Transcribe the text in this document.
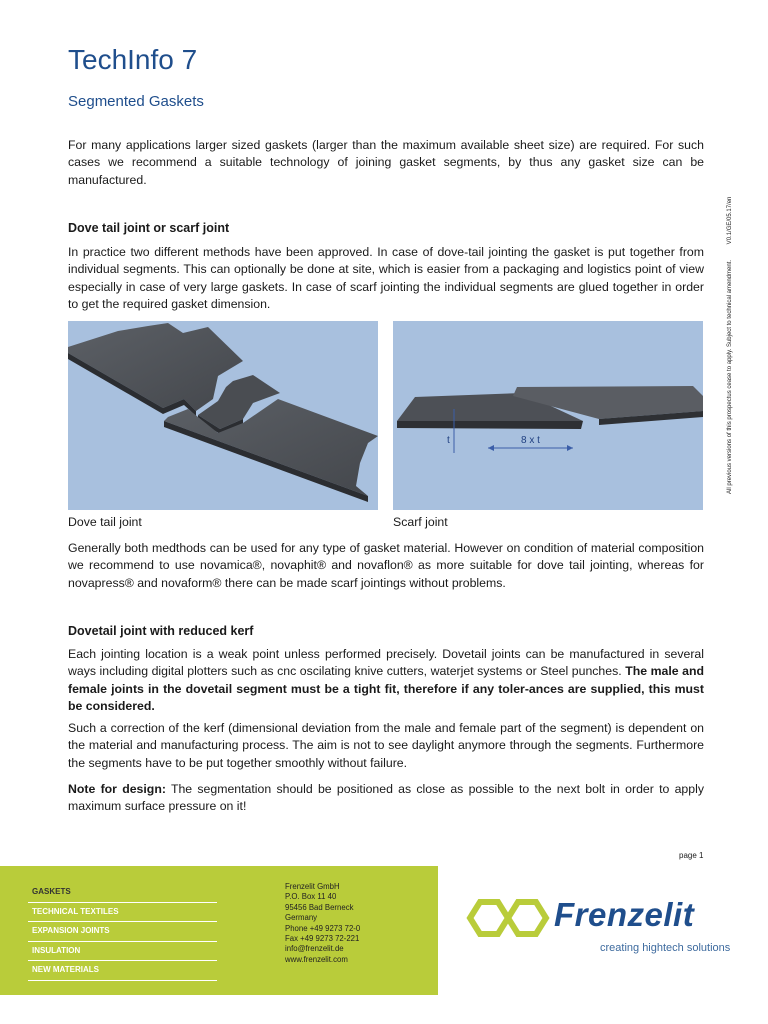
TechInfo 7
Segmented Gaskets
All previous versions of this prospectus cease to apply. Subject to technical amendment. V0.1/GE/05.17/en

For many applications larger sized gaskets (larger than the maximum available sheet size) are required. For such cases we recommend a suitable technology of joining gasket segments, by thus any gasket size can be manufactured.

Dove tail joint or scarf joint

In practice two different methods have been approved. In case of dove-tail jointing the gasket is put together from individual segments. This can optionally be done at site, which is easier from a packaging and logistics point of view especially in case of very large gaskets. In case of scarf jointing the individual segments are glued together in order to get the required gasket dimension.

t	8 x t
Dove tail joint	Scarf joint

Generally both medthods can be used for any type of gasket material. However on condition of material composition we recommend to use novamica®, novaphit® and novaflon® as more suitable for dove tail jointing, whereas for novapress® and novaform® there can be made scarf jointings without problems.

Dovetail joint with reduced kerf

Each jointing location is a weak point unless performed precisely. Dovetail joints can be manufactured in several ways including digital plotters such as cnc oscilating knive cutters, waterjet systems or Steel punches. The male and female joints in the dovetail segment must be a tight fit, therefore if any toler-ances are supplied, this must be considered.

Such a correction of the kerf (dimensional deviation from the male and female part of the segment) is dependent on the material and manufacturing process. The aim is not to see daylight anymore through the segments. Furthermore the segments have to be put together smoothly without failure.

Note for design: The segmentation should be positioned as close as possible to the next bolt in order to apply maximum surface pressure on it!

page 1
GASKETS
TECHNICAL TEXTILES
EXPANSION JOINTS
INSULATION
NEW MATERIALS
Frenzelit GmbH
P.O. Box 11 40
95456 Bad Berneck
Germany
Phone +49 9273 72-0
Fax +49 9273 72-221
info@frenzelit.de
www.frenzelit.com
Frenzelit
creating hightech solutions
